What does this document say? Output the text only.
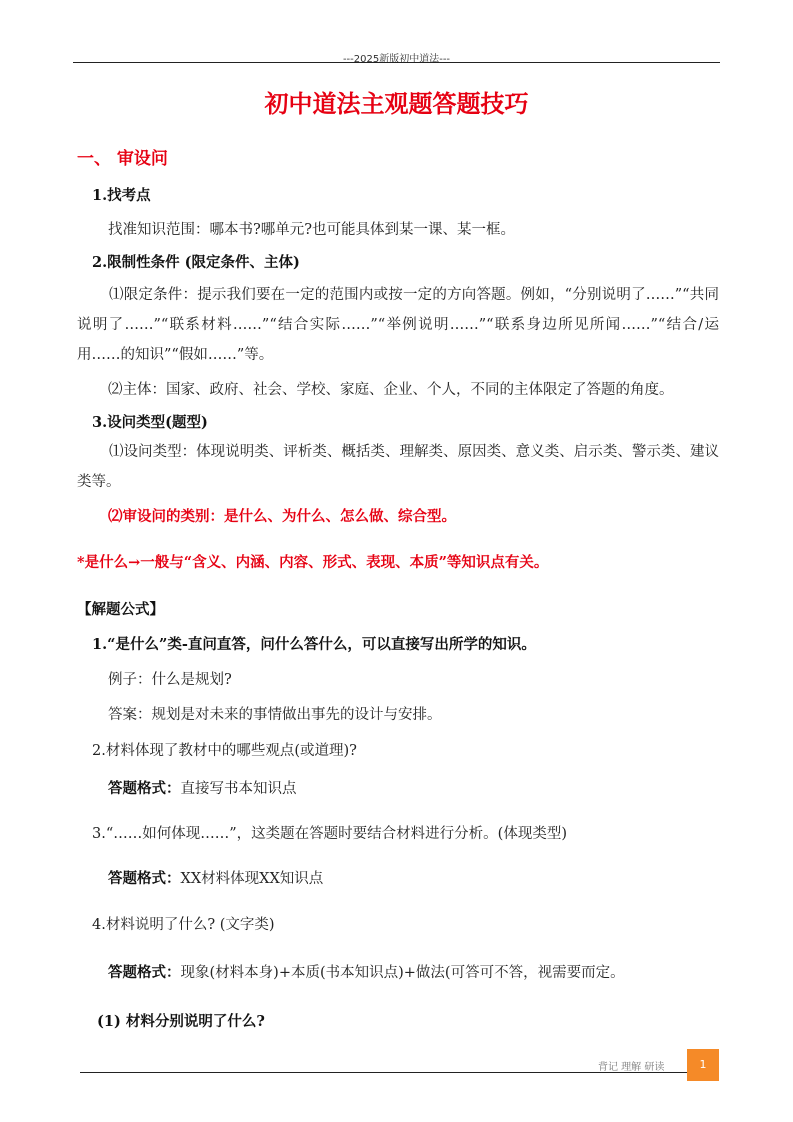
---2025新版初中道法---
初中道法主观题答题技巧
一、 审设问
1.找考点
找准知识范围：哪本书?哪单元?也可能具体到某一课、某一框。
2.限制性条件 (限定条件、主体)
⑴限定条件：提示我们要在一定的范围内或按一定的方向答题。例如，“分别说明了……”“共同说明了……”“联系材料……”“结合实际……”“举例说明……”“联系身边所见所闻……”“结合/运用……的知识”“假如……”等。
⑵主体：国家、政府、社会、学校、家庭、企业、个人，不同的主体限定了答题的角度。
3.设问类型(题型)
⑴设问类型：体现说明类、评析类、概括类、理解类、原因类、意义类、启示类、警示类、建议类等。
⑵审设问的类别：是什么、为什么、怎么做、综合型。
*是什么→一般与“含义、内涵、内容、形式、表现、本质”等知识点有关。
【解题公式】
1.“是什么”类-直问直答，问什么答什么，可以直接写出所学的知识。
例子：什么是规划?
答案：规划是对未来的事情做出事先的设计与安排。
2.材料体现了教材中的哪些观点(或道理)?
答题格式：直接写书本知识点
3.“……如何体现……”，这类题在答题时要结合材料进行分析。(体现类型)
答题格式：XX材料体现XX知识点
4.材料说明了什么? (文字类)
答题格式：现象(材料本身)+本质(书本知识点)+做法(可答可不答，视需要而定。
(1) 材料分别说明了什么?
背记 理解 研读	1
